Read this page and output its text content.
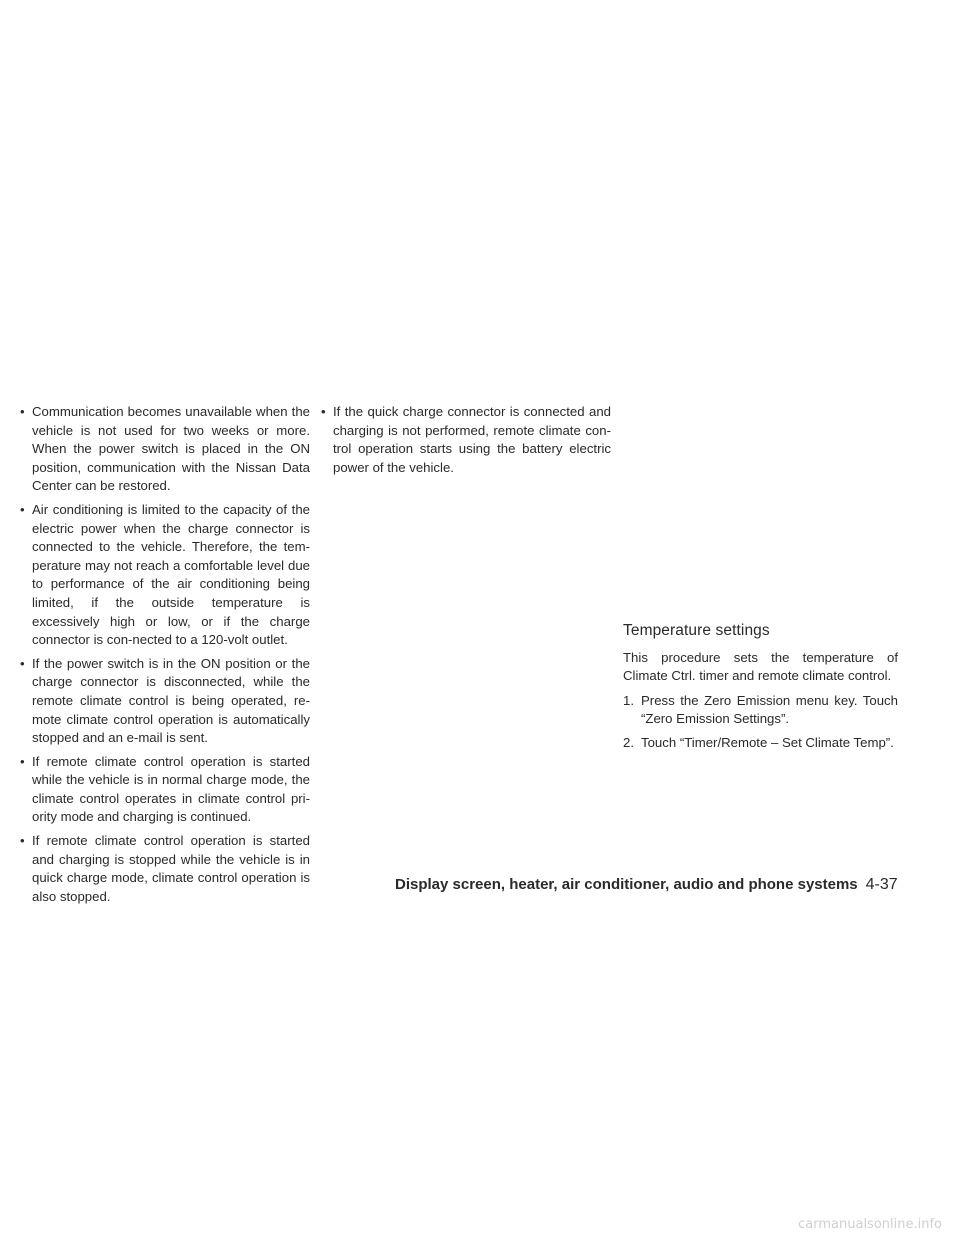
• Communication becomes unavailable when the vehicle is not used for two weeks or more. When the power switch is placed in the ON position, communication with the Nissan Data Center can be restored.
• Air conditioning is limited to the capacity of the electric power when the charge connector is connected to the vehicle. Therefore, the tem-perature may not reach a comfortable level due to performance of the air conditioning being limited, if the outside temperature is excessively high or low, or if the charge connector is con-nected to a 120-volt outlet.
• If the power switch is in the ON position or the charge connector is disconnected, while the remote climate control is being operated, re-mote climate control operation is automatically stopped and an e-mail is sent.
• If remote climate control operation is started while the vehicle is in normal charge mode, the climate control operates in climate control pri-ority mode and charging is continued.
• If remote climate control operation is started and charging is stopped while the vehicle is in quick charge mode, climate control operation is also stopped.
• If the quick charge connector is connected and charging is not performed, remote climate con-trol operation starts using the battery electric power of the vehicle.
Temperature settings

This procedure sets the temperature of Climate Ctrl. timer and remote climate control.

1. Press the Zero Emission menu key. Touch “Zero Emission Settings”.
2. Touch “Timer/Remote – Set Climate Temp”.
Display screen, heater, air conditioner, audio and phone systems 4-37
carmanualsonline.info
